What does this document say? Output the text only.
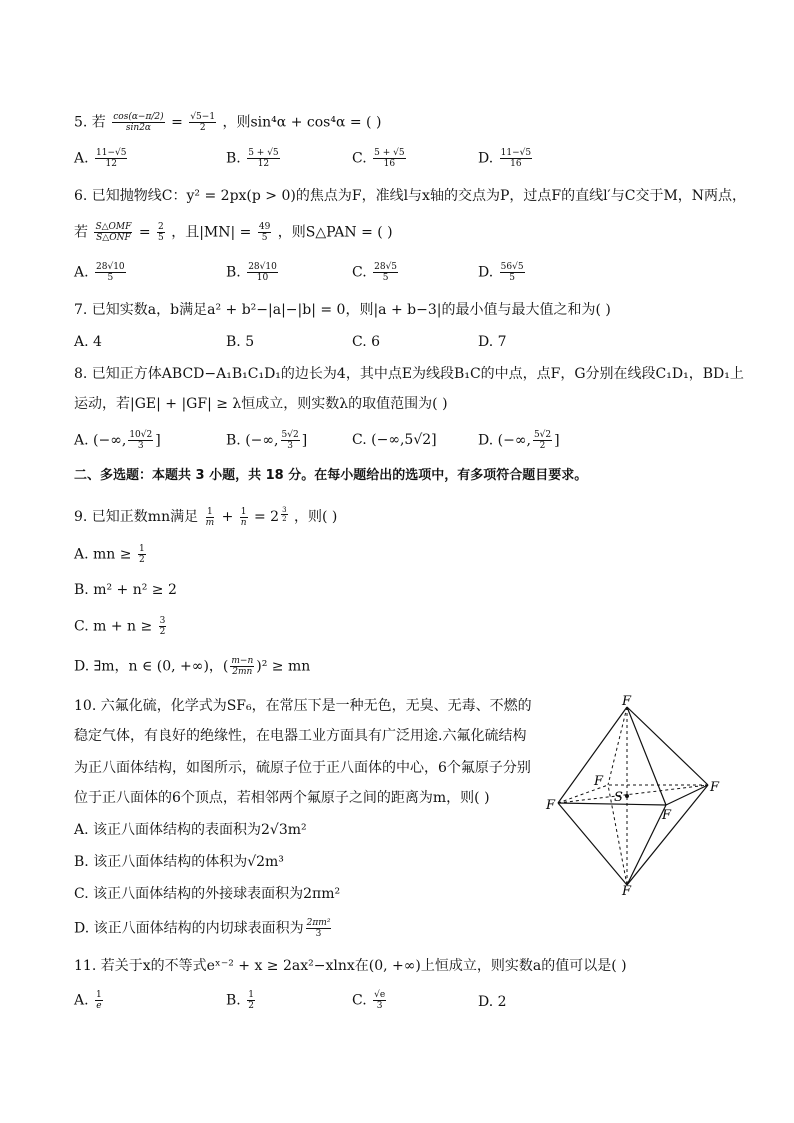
5. 若 $\frac{\cos(\alpha-\pi/2)}{\sin 2\alpha} = \frac{√5-1}{2}$ ，则sin⁴α + cos⁴α = ( )
A. $\frac{11-√5}{12}$	B. $\frac{5 + √5}{12}$	C. $\frac{5 + √5}{16}$	D. $\frac{11-√5}{16}$
6. 已知抛物线C：y² = 2px(p > 0)的焦点为F，准线l与x轴的交点为P，过点F的直线l′与C交于M，N两点，
若 $\frac{\text{S△OMF}}{\text{S△ONF}} = \frac{2}{5}$ ，且$|MN| = \frac{49}{5}$ ，则S△PAN = ( )
A. $\frac{28√10}{5}$	B. $\frac{28√10}{10}$	C. $\frac{28√5}{5}$	D. $\frac{56√5}{5}$
7. 已知实数a，b满足a² + b²−|a|−|b| = 0，则|a + b−3|的最小值与最大值之和为( )
A. 4	B. 5	C. 6	D. 7
8. 已知正方体ABCD−A₁B₁C₁D₁的边长为4，其中点E为线段B₁C的中点，点F，G分别在线段C₁D₁，BD₁上
运动，若|GE| + |GF| ≥ λ恒成立，则实数λ的取值范围为( )
A. (−∞, $\frac{10√2}{3}$ ]	B. (−∞, $\frac{5√2}{3}$ ]	C. (−∞,5√2]	D. (−∞, $\frac{5√2}{2}$ ]
二、多选题：本题共 3 小题，共 18 分。在每小题给出的选项中，有多项符合题目要求。
9. 已知正数mn满足 $\frac{1}{m} + \frac{1}{n} = 2$ $^{\frac{3}{2}}$ ，则( )
A. mn ≥ $\frac{1}{2}$
B. m² + n² ≥ 2
C. $m + n \ge \frac{3}{2}$
D. ∃m，n ∈ (0, +∞)，( $\frac{m-n}{2mn} )^2$ ≥ mn
10. 六氟化硫，化学式为SF₆，在常压下是一种无色，无臭、无毒、不燃的
稳定气体，有良好的绝缘性，在电器工业方面具有广泛用途.六氟化硫结构
为正八面体结构，如图所示，硫原子位于正八面体的中心，6个氟原子分别
位于正八面体的6个顶点，若相邻两个氟原子之间的距离为m，则( )
A. 该正八面体结构的表面积为2√3m²
B. 该正八面体结构的体积为√2m³
C. 该正八面体结构的外接球表面积为2πm²
D. 该正八面体结构的内切球表面积为 $\frac{\text{2πm²}}{3}$
F
F
F
F
F
F
S
11. 若关于x的不等式eˣ⁻² + x ≥ 2ax²−xlnx在(0, +∞)上恒成立，则实数a的值可以是( )
A. $\frac{1}{e}$	B. $\frac{1}{2}$	C. $\frac{√e}{3}$	D. 2
